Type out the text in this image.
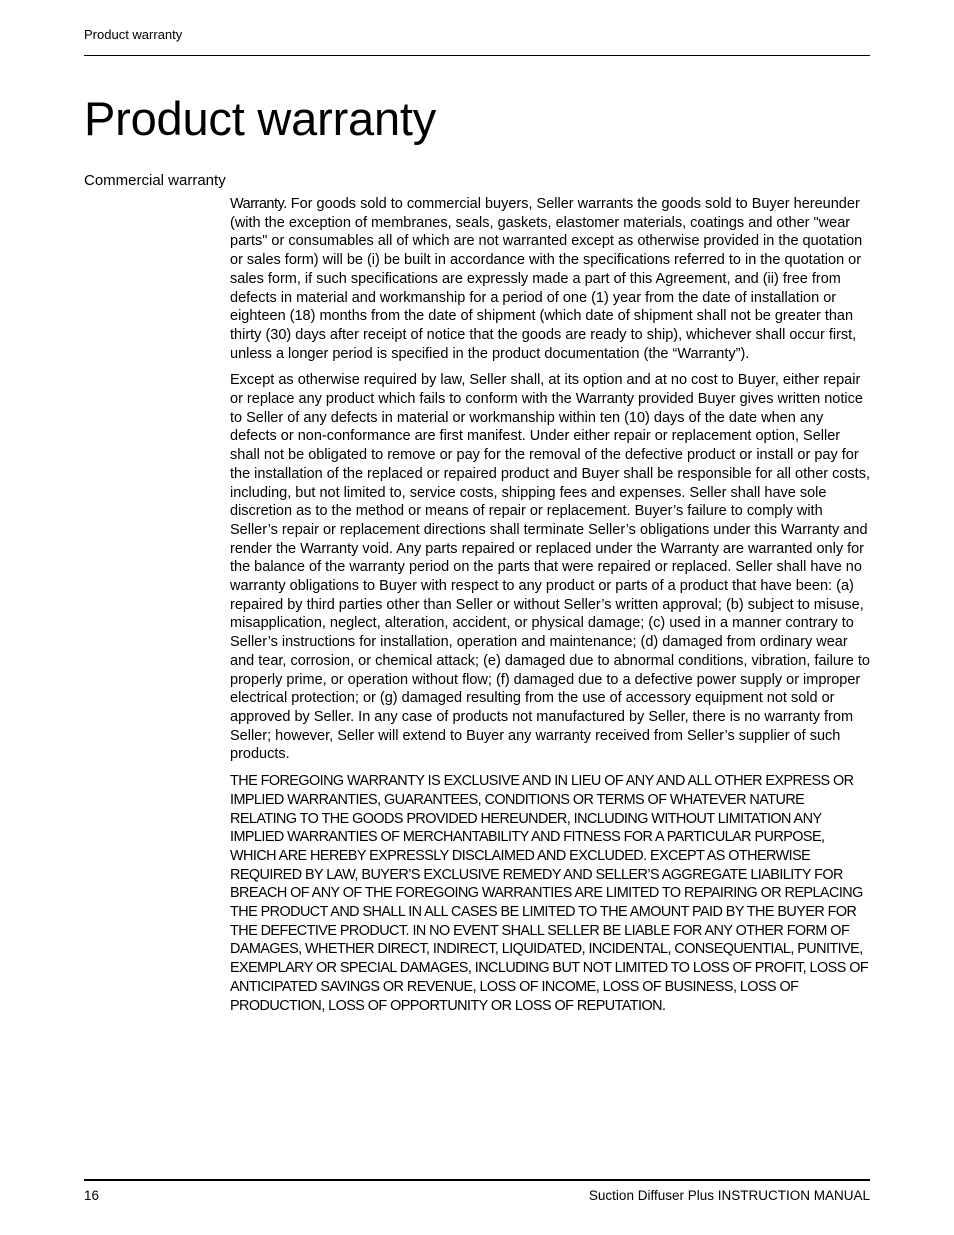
Product warranty
Product warranty
Commercial warranty

Warranty. For goods sold to commercial buyers, Seller warrants the goods sold to Buyer hereunder (with the exception of membranes, seals, gaskets, elastomer materials, coatings and other "wear parts" or consumables all of which are not warranted except as otherwise provided in the quotation or sales form) will be (i) be built in accordance with the specifications referred to in the quotation or sales form, if such specifications are expressly made a part of this Agreement, and (ii) free from defects in material and workmanship for a period of one (1) year from the date of installation or eighteen (18) months from the date of shipment (which date of shipment shall not be greater than thirty (30) days after receipt of notice that the goods are ready to ship), whichever shall occur first, unless a longer period is specified in the product documentation (the “Warranty”).

Except as otherwise required by law, Seller shall, at its option and at no cost to Buyer, either repair or replace any product which fails to conform with the Warranty provided Buyer gives written notice to Seller of any defects in material or workmanship within ten (10) days of the date when any defects or non-conformance are first manifest. Under either repair or replacement option, Seller shall not be obligated to remove or pay for the removal of the defective product or install or pay for the installation of the replaced or repaired product and Buyer shall be responsible for all other costs, including, but not limited to, service costs, shipping fees and expenses. Seller shall have sole discretion as to the method or means of repair or replacement. Buyer’s failure to comply with Seller’s repair or replacement directions shall terminate Seller’s obligations under this Warranty and render the Warranty void. Any parts repaired or replaced under the Warranty are warranted only for the balance of the warranty period on the parts that were repaired or replaced. Seller shall have no warranty obligations to Buyer with respect to any product or parts of a product that have been: (a) repaired by third parties other than Seller or without Seller’s written approval; (b) subject to misuse, misapplication, neglect, alteration, accident, or physical damage; (c) used in a manner contrary to Seller’s instructions for installation, operation and maintenance; (d) damaged from ordinary wear and tear, corrosion, or chemical attack; (e) damaged due to abnormal conditions, vibration, failure to properly prime, or operation without flow; (f) damaged due to a defective power supply or improper electrical protection; or (g) damaged resulting from the use of accessory equipment not sold or approved by Seller. In any case of products not manufactured by Seller, there is no warranty from Seller; however, Seller will extend to Buyer any warranty received from Seller’s supplier of such products.

THE FOREGOING WARRANTY IS EXCLUSIVE AND IN LIEU OF ANY AND ALL OTHER EXPRESS OR IMPLIED WARRANTIES, GUARANTEES, CONDITIONS OR TERMS OF WHATEVER NATURE RELATING TO THE GOODS PROVIDED HEREUNDER, INCLUDING WITHOUT LIMITATION ANY IMPLIED WARRANTIES OF MERCHANTABILITY AND FITNESS FOR A PARTICULAR PURPOSE, WHICH ARE HEREBY EXPRESSLY DISCLAIMED AND EXCLUDED. EXCEPT AS OTHERWISE REQUIRED BY LAW, BUYER’S EXCLUSIVE REMEDY AND SELLER’S AGGREGATE LIABILITY FOR BREACH OF ANY OF THE FOREGOING WARRANTIES ARE LIMITED TO REPAIRING OR REPLACING THE PRODUCT AND SHALL IN ALL CASES BE LIMITED TO THE AMOUNT PAID BY THE BUYER FOR THE DEFECTIVE PRODUCT. IN NO EVENT SHALL SELLER BE LIABLE FOR ANY OTHER FORM OF DAMAGES, WHETHER DIRECT, INDIRECT, LIQUIDATED, INCIDENTAL, CONSEQUENTIAL, PUNITIVE, EXEMPLARY OR SPECIAL DAMAGES, INCLUDING BUT NOT LIMITED TO LOSS OF PROFIT, LOSS OF ANTICIPATED SAVINGS OR REVENUE, LOSS OF INCOME, LOSS OF BUSINESS, LOSS OF PRODUCTION, LOSS OF OPPORTUNITY OR LOSS OF REPUTATION.

16	Suction Diffuser Plus INSTRUCTION MANUAL
